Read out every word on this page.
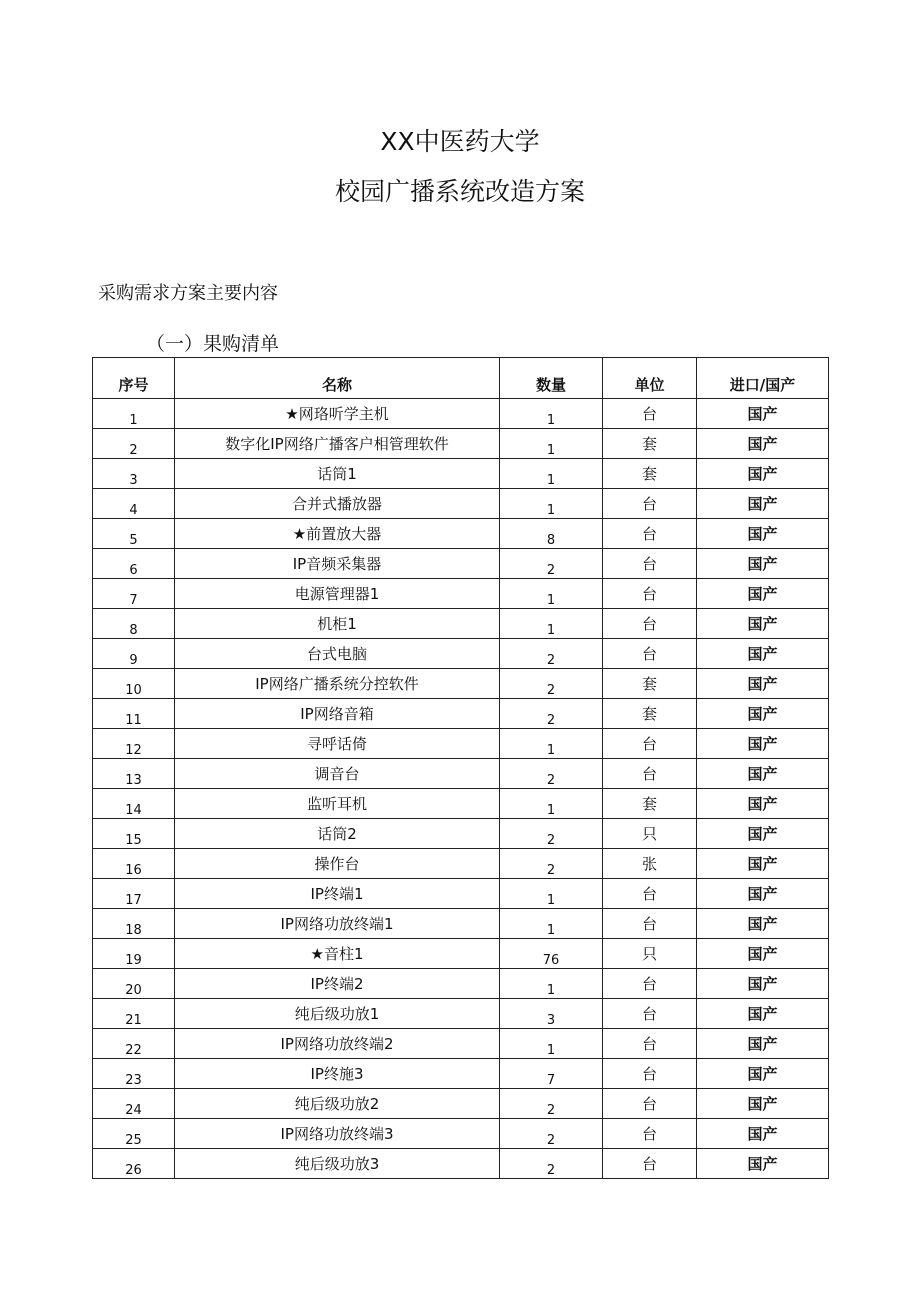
XX中医药大学
校园广播系统改造方案
采购需求方案主要内容
（一）果购清单
序号	名称	数量	单位	进口/国产
1	★网珞听学主机	1	台	国产
2	数字化IP网络广播客户相管理软件	1	套	国产
3	话筒1	1	套	国产
4	合并式播放器	1	台	国产
5	★前置放大器	8	台	国产
6	IP音频采集器	2	台	国产
7	电源管理器1	1	台	国产
8	机柜1	1	台	国产
9	台式电脑	2	台	国产
10	IP网络广播系统分控软件	2	套	国产
11	IP网络音箱	2	套	国产
12	寻呼话倚	1	台	国产
13	调音台	2	台	国产
14	监听耳机	1	套	国产
15	话筒2	2	只	国产
16	操作台	2	张	国产
17	IP终端1	1	台	国产
18	IP网络功放终端1	1	台	国产
19	★音柱1	76	只	国产
20	IP终端2	1	台	国产
21	纯后级功放1	3	台	国产
22	IP网络功放终端2	1	台	国产
23	IP终施3	7	台	国产
24	纯后级功放2	2	台	国产
25	IP网络功放终端3	2	台	国产
26	纯后级功放3	2	台	国产
